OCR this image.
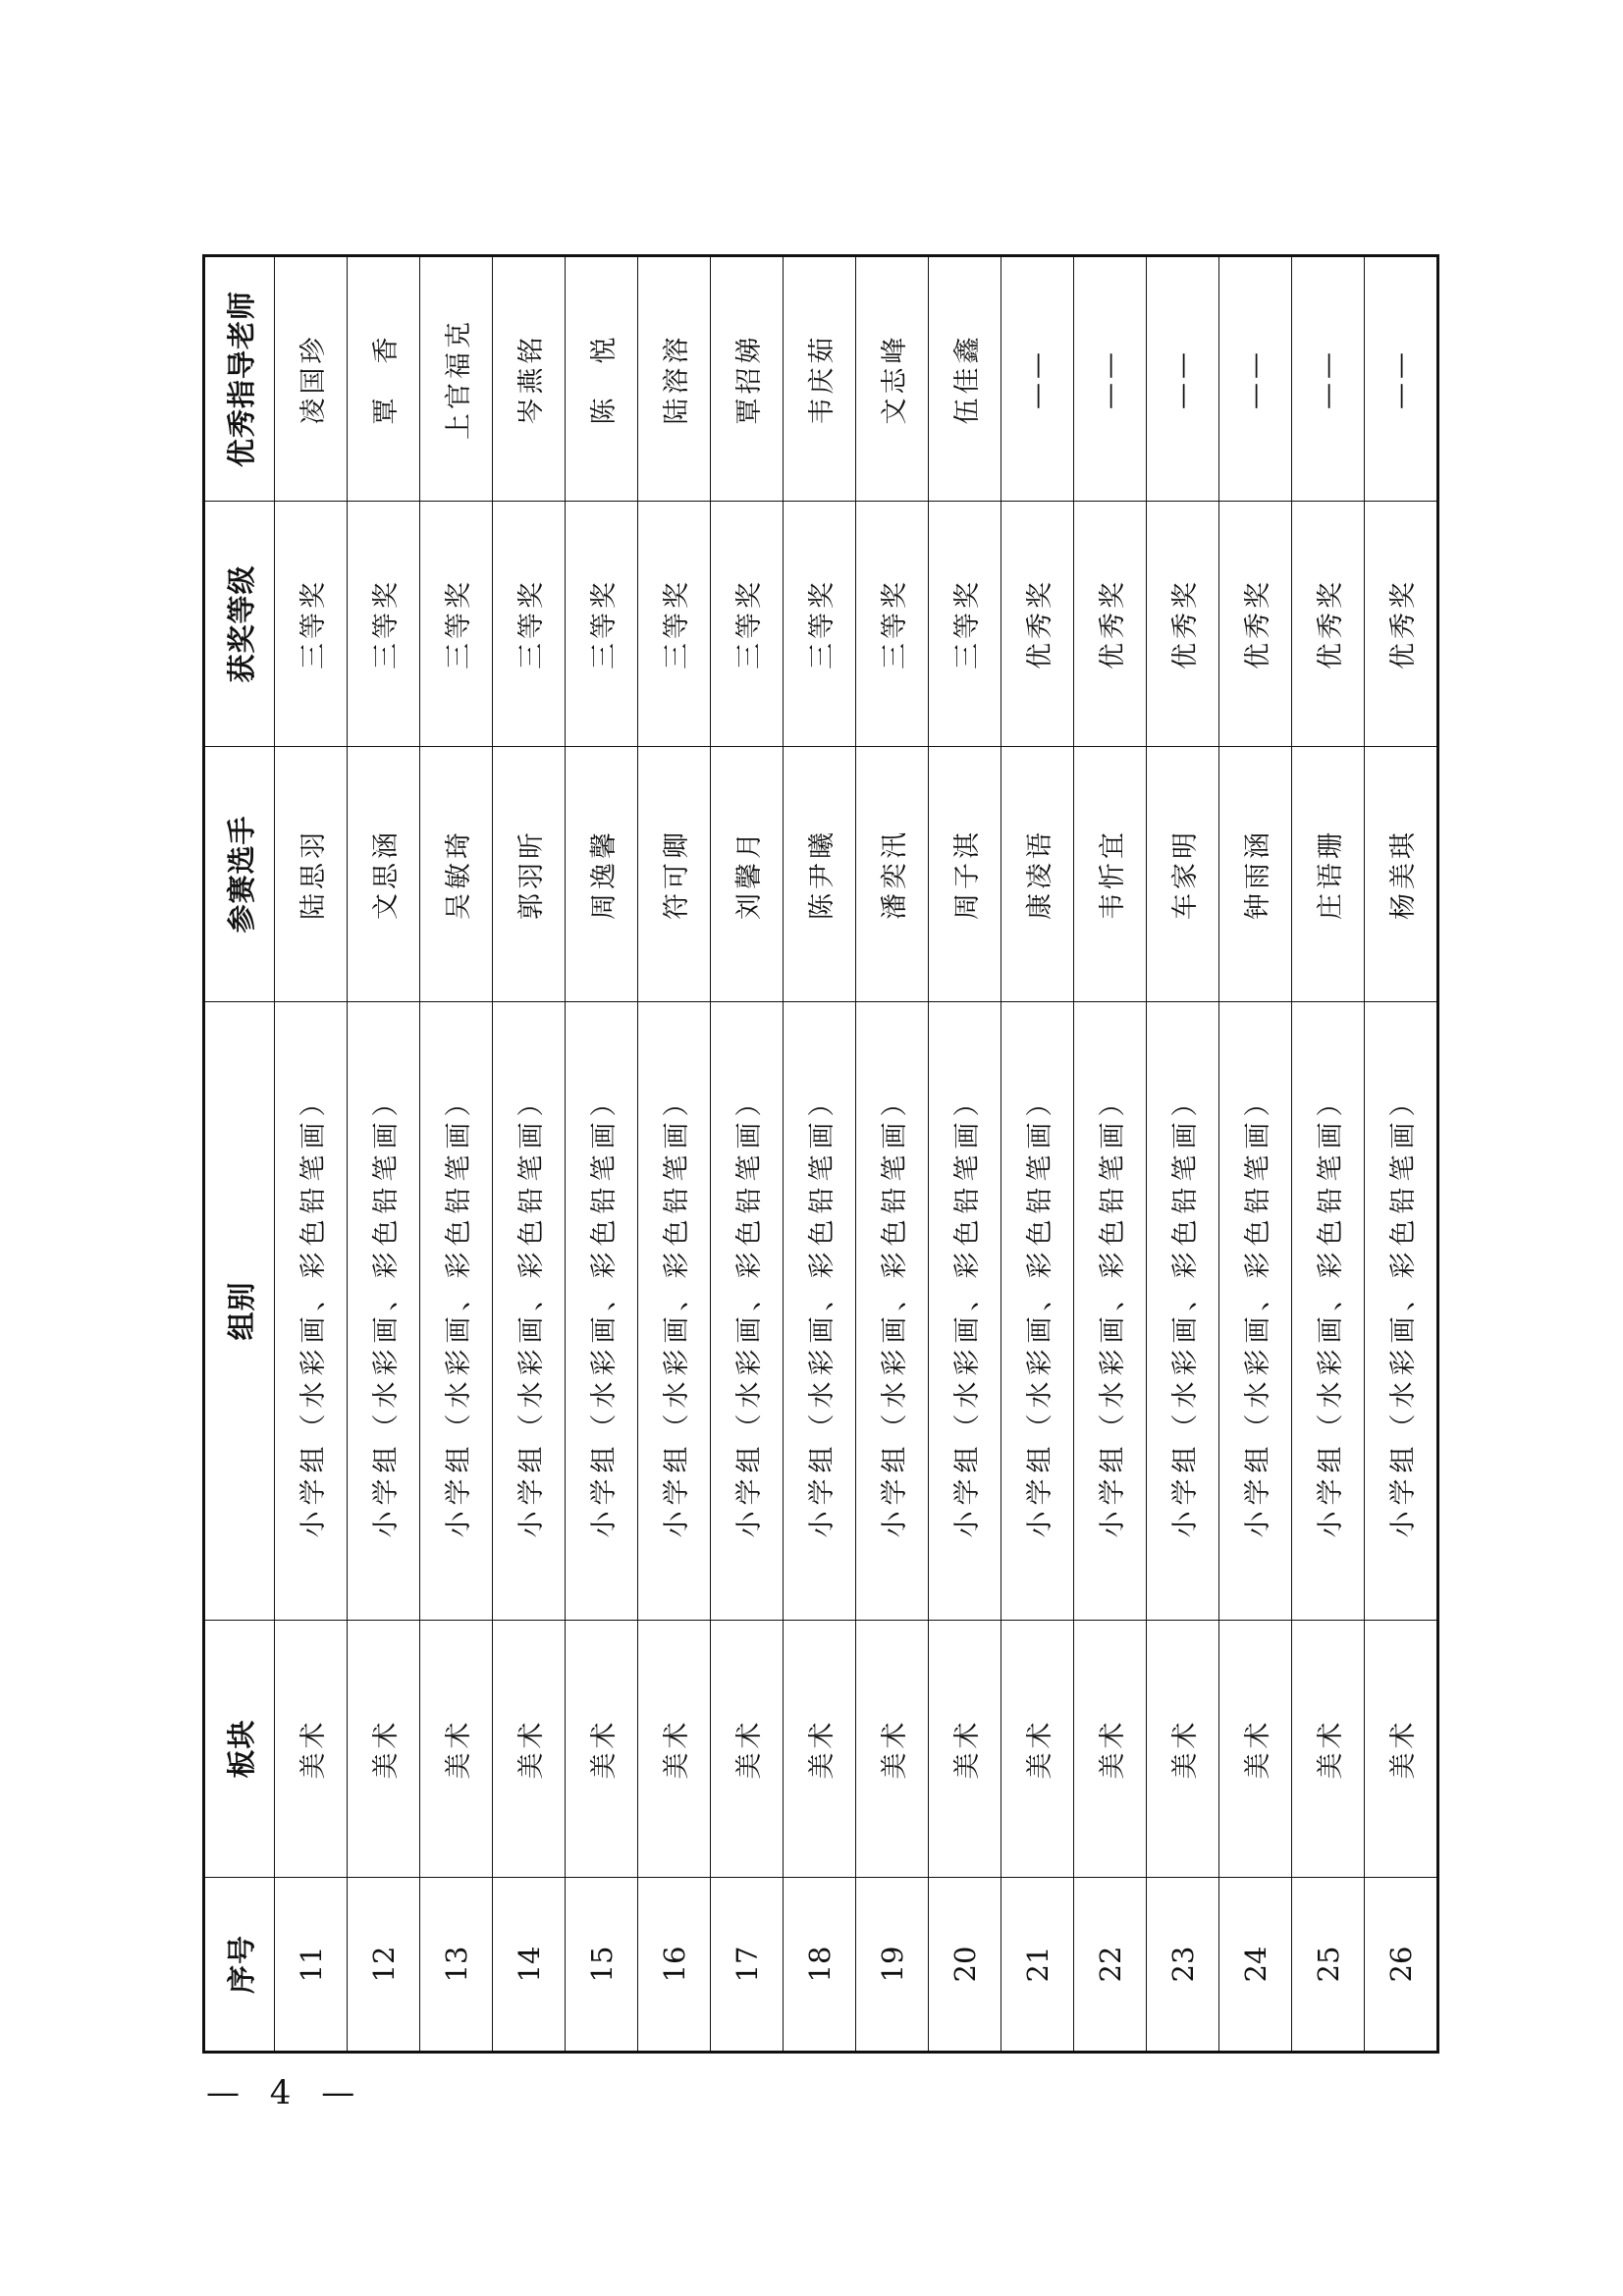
序号	板块	组别	参赛选手	获奖等级	优秀指导老师
11	美术	小学组（水彩画、彩色铅笔画）	陆思羽	三等奖	凌国珍
12	美术	小学组（水彩画、彩色铅笔画）	文思涵	三等奖	覃　香
13	美术	小学组（水彩画、彩色铅笔画）	吴敏琦	三等奖	上官福克
14	美术	小学组（水彩画、彩色铅笔画）	郭羽昕	三等奖	岑燕铭
15	美术	小学组（水彩画、彩色铅笔画）	周逸馨	三等奖	陈　悦
16	美术	小学组（水彩画、彩色铅笔画）	符可卿	三等奖	陆溶溶
17	美术	小学组（水彩画、彩色铅笔画）	刘馨月	三等奖	覃招娣
18	美术	小学组（水彩画、彩色铅笔画）	陈尹曦	三等奖	韦庆茹
19	美术	小学组（水彩画、彩色铅笔画）	潘奕汛	三等奖	文志峰
20	美术	小学组（水彩画、彩色铅笔画）	周子淇	三等奖	伍佳鑫
21	美术	小学组（水彩画、彩色铅笔画）	康凌语	优秀奖	——
22	美术	小学组（水彩画、彩色铅笔画）	韦忻宜	优秀奖	——
23	美术	小学组（水彩画、彩色铅笔画）	车家明	优秀奖	——
24	美术	小学组（水彩画、彩色铅笔画）	钟雨涵	优秀奖	——
25	美术	小学组（水彩画、彩色铅笔画）	庄语珊	优秀奖	——
26	美术	小学组（水彩画、彩色铅笔画）	杨美琪	优秀奖	——
— 4 —
